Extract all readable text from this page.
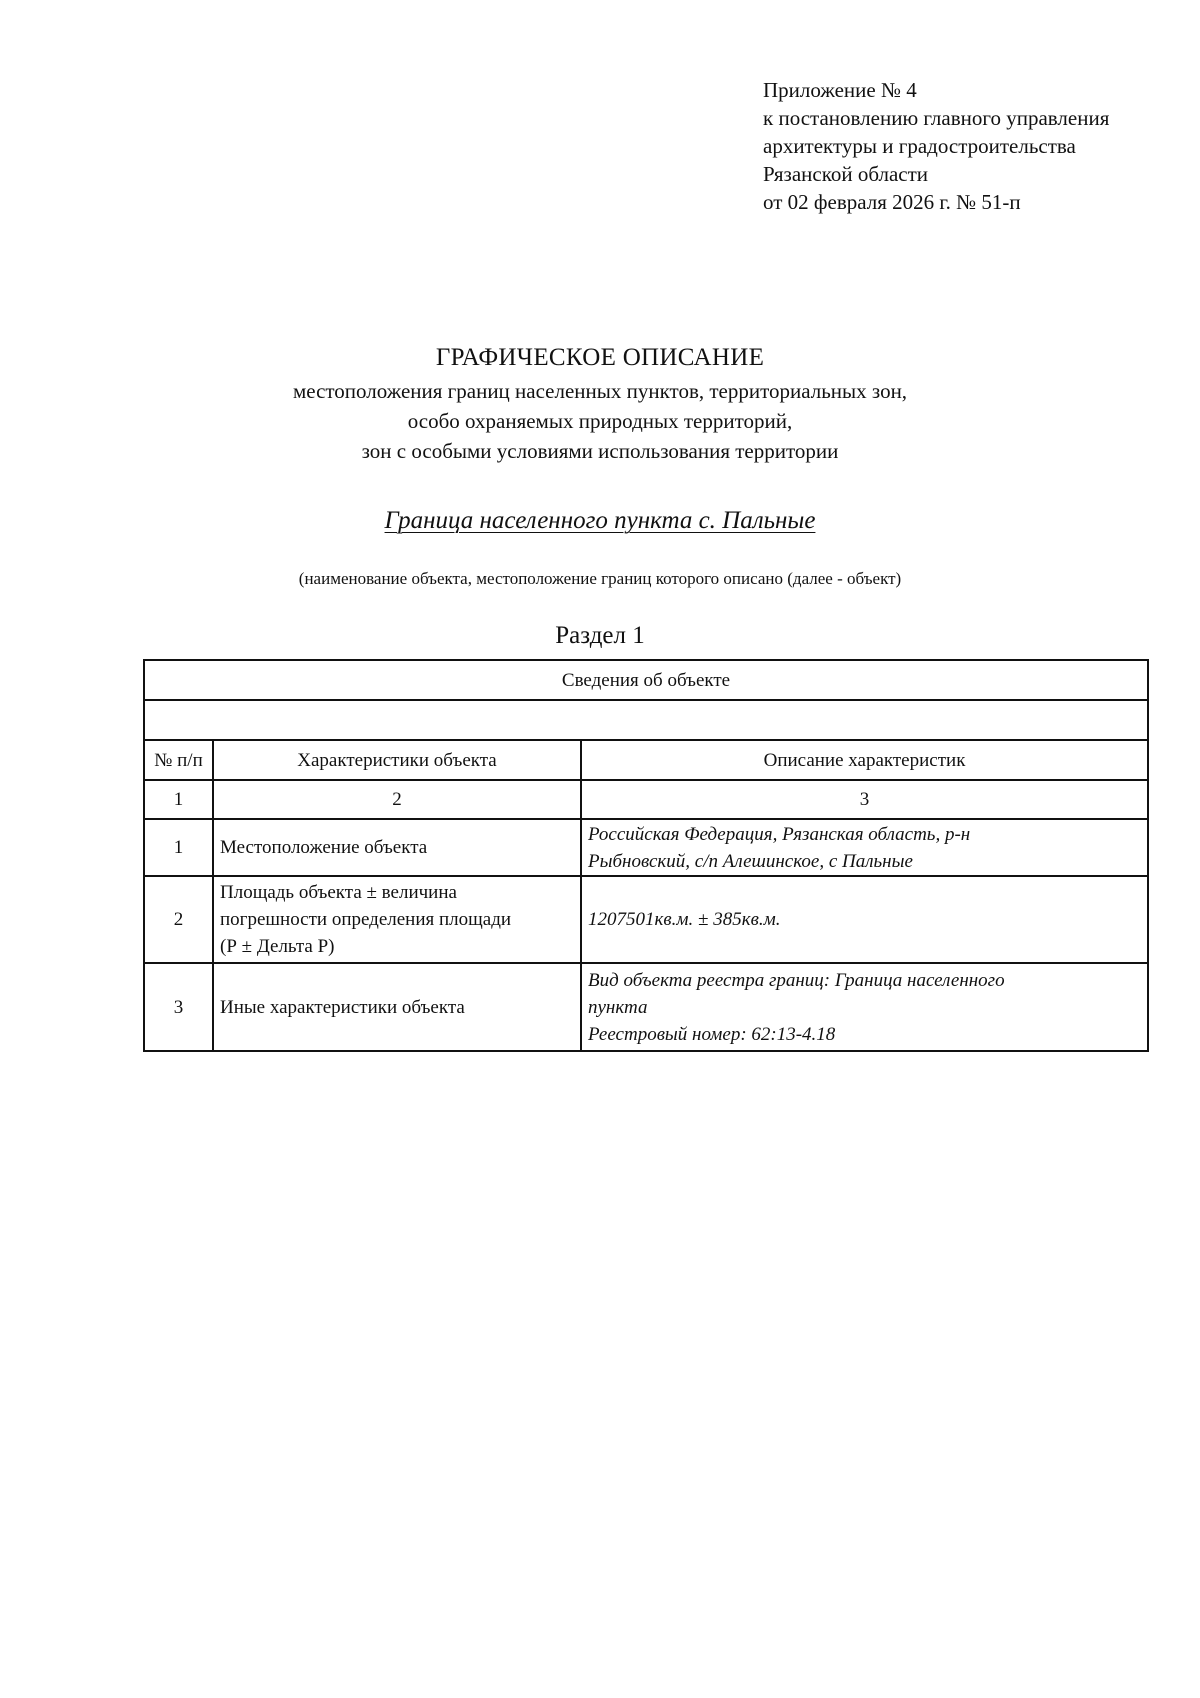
Приложение № 4
к постановлению главного управления
архитектуры и градостроительства
Рязанской области
от 02 февраля 2026 г. № 51-п
ГРАФИЧЕСКОЕ ОПИСАНИЕ
местоположения границ населенных пунктов, территориальных зон,
особо охраняемых природных территорий,
зон с особыми условиями использования территории
Граница населенного пункта с. Пальные
(наименование объекта, местоположение границ которого описано (далее - объект)
Раздел 1
Сведения об объекте		

№ п/п	Характеристики объекта	Описание характеристик
1	2	3
1	Местоположение объекта	Российская Федерация, Рязанская область, р-н
Рыбновский, с/п Алешинское, с Пальные

2	Площадь объекта ± величина
погрешности определения площади
(Р ± Дельта Р)	1207501кв.м. ± 385кв.м.

3	Иные характеристики объекта	Вид объекта реестра границ: Граница населенного
пункта
Реестровый номер: 62:13-4.18
